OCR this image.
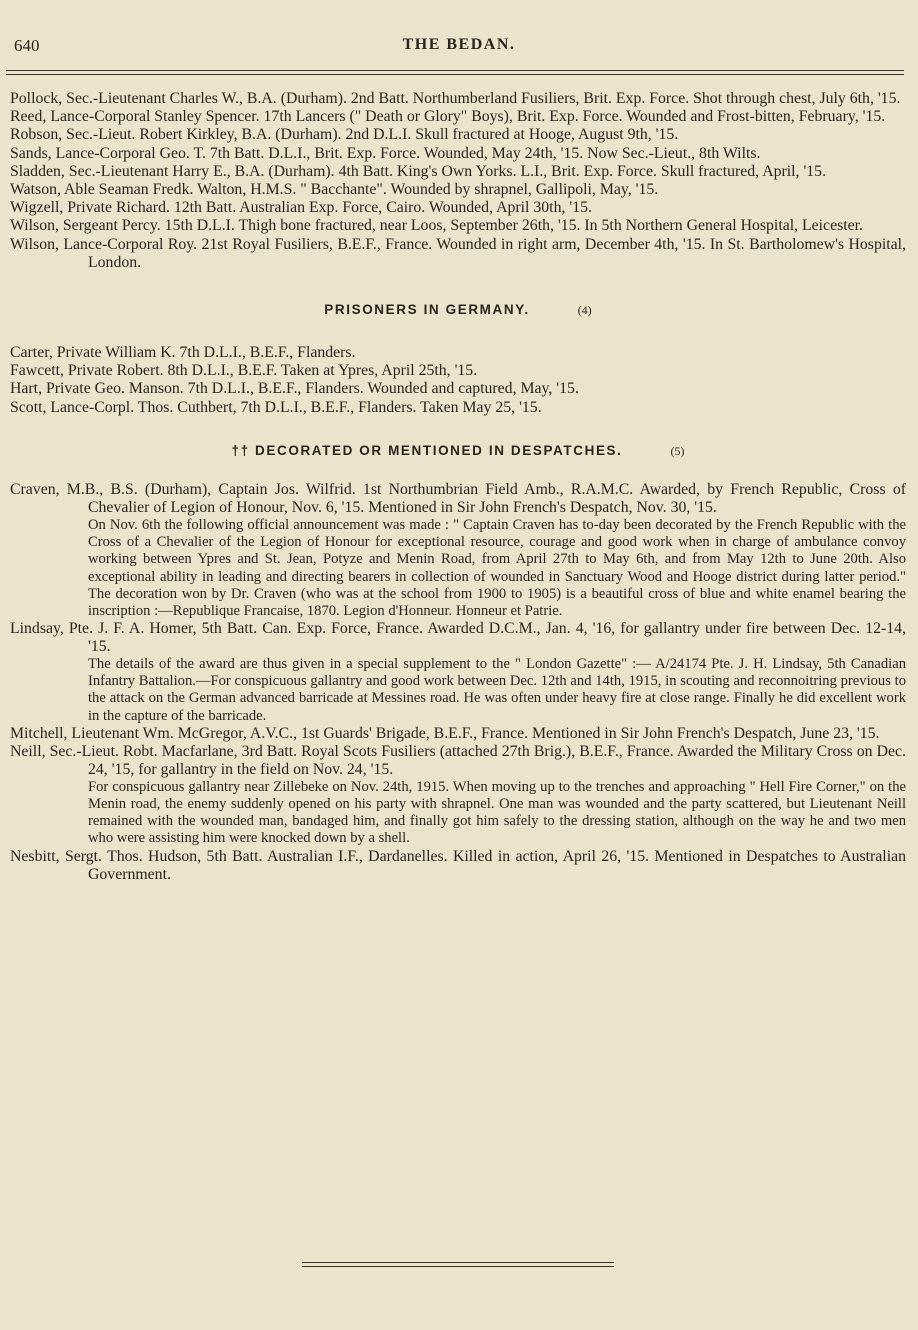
640	THE BEDAN.

Pollock, Sec.-Lieutenant Charles W., B.A. (Durham). 2nd Batt. Northumberland Fusiliers, Brit. Exp. Force. Shot through chest, July 6th, '15.

Reed, Lance-Corporal Stanley Spencer. 17th Lancers (" Death or Glory" Boys), Brit. Exp. Force. Wounded and Frost-bitten, February, '15.

Robson, Sec.-Lieut. Robert Kirkley, B.A. (Durham). 2nd D.L.I. Skull fractured at Hooge, August 9th, '15.

Sands, Lance-Corporal Geo. T. 7th Batt. D.L.I., Brit. Exp. Force. Wounded, May 24th, '15. Now Sec.-Lieut., 8th Wilts.

Sladden, Sec.-Lieutenant Harry E., B.A. (Durham). 4th Batt. King's Own Yorks. L.I., Brit. Exp. Force. Skull fractured, April, '15.

Watson, Able Seaman Fredk. Walton, H.M.S. " Bacchante". Wounded by shrapnel, Gallipoli, May, '15.

Wigzell, Private Richard. 12th Batt. Australian Exp. Force, Cairo. Wounded, April 30th, '15.

Wilson, Sergeant Percy. 15th D.L.I. Thigh bone fractured, near Loos, September 26th, '15. In 5th Northern General Hospital, Leicester.

Wilson, Lance-Corporal Roy. 21st Royal Fusiliers, B.E.F., France. Wounded in right arm, December 4th, '15. In St. Bartholomew's Hospital, London.

PRISONERS IN GERMANY.	(4)

Carter, Private William K. 7th D.L.I., B.E.F., Flanders.

Fawcett, Private Robert. 8th D.L.I., B.E.F. Taken at Ypres, April 25th, '15.

Hart, Private Geo. Manson. 7th D.L.I., B.E.F., Flanders. Wounded and captured, May, '15.

Scott, Lance-Corpl. Thos. Cuthbert, 7th D.L.I., B.E.F., Flanders. Taken May 25, '15.

†† DECORATED OR MENTIONED IN DESPATCHES.	(5)

Craven, M.B., B.S. (Durham), Captain Jos. Wilfrid. 1st Northumbrian Field Amb., R.A.M.C. Awarded, by French Republic, Cross of Chevalier of Legion of Honour, Nov. 6, '15. Mentioned in Sir John French's Despatch, Nov. 30, '15.

On Nov. 6th the following official announcement was made : " Captain Craven has to-day been decorated by the French Republic with the Cross of a Chevalier of the Legion of Honour for exceptional resource, courage and good work when in charge of ambulance convoy working between Ypres and St. Jean, Potyze and Menin Road, from April 27th to May 6th, and from May 12th to June 20th. Also exceptional ability in leading and directing bearers in collection of wounded in Sanctuary Wood and Hooge district during latter period." The decoration won by Dr. Craven (who was at the school from 1900 to 1905) is a beautiful cross of blue and white enamel bearing the inscription :—Republique Francaise, 1870. Legion d'Honneur. Honneur et Patrie.

Lindsay, Pte. J. F. A. Homer, 5th Batt. Can. Exp. Force, France. Awarded D.C.M., Jan. 4, '16, for gallantry under fire between Dec. 12-14, '15.

The details of the award are thus given in a special supplement to the " London Gazette" :— A/24174 Pte. J. H. Lindsay, 5th Canadian Infantry Battalion.—For conspicuous gallantry and good work between Dec. 12th and 14th, 1915, in scouting and reconnoitring previous to the attack on the German advanced barricade at Messines road. He was often under heavy fire at close range. Finally he did excellent work in the capture of the barricade.

Mitchell, Lieutenant Wm. McGregor, A.V.C., 1st Guards' Brigade, B.E.F., France. Mentioned in Sir John French's Despatch, June 23, '15.

Neill, Sec.-Lieut. Robt. Macfarlane, 3rd Batt. Royal Scots Fusiliers (attached 27th Brig.), B.E.F., France. Awarded the Military Cross on Dec. 24, '15, for gallantry in the field on Nov. 24, '15.

For conspicuous gallantry near Zillebeke on Nov. 24th, 1915. When moving up to the trenches and approaching " Hell Fire Corner," on the Menin road, the enemy suddenly opened on his party with shrapnel. One man was wounded and the party scattered, but Lieutenant Neill remained with the wounded man, bandaged him, and finally got him safely to the dressing station, although on the way he and two men who were assisting him were knocked down by a shell.

Nesbitt, Sergt. Thos. Hudson, 5th Batt. Australian I.F., Dardanelles. Killed in action, April 26, '15. Mentioned in Despatches to Australian Government.
